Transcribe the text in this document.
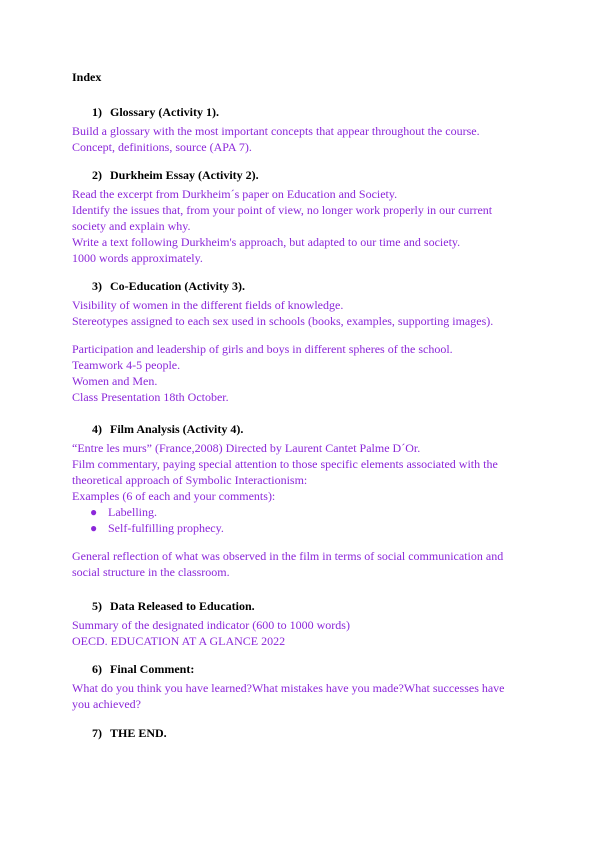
Index
1) Glossary (Activity 1).
Build a glossary with the most important concepts that appear throughout the course.
Concept, definitions, source (APA 7).
2) Durkheim Essay (Activity 2).
Read the excerpt from Durkheim´s paper on Education and Society.
Identify the issues that, from your point of view, no longer work properly in our current
society and explain why.
Write a text following Durkheim's approach, but adapted to our time and society.
1000 words approximately.
3) Co-Education (Activity 3).
Visibility of women in the different fields of knowledge.
Stereotypes assigned to each sex used in schools (books, examples, supporting images).
Participation and leadership of girls and boys in different spheres of the school.
Teamwork 4-5 people.
Women and Men.
Class Presentation 18th October.
4) Film Analysis (Activity 4).
“Entre les murs” (France,2008) Directed by Laurent Cantet Palme D´Or.
Film commentary, paying special attention to those specific elements associated with the
theoretical approach of Symbolic Interactionism:
Examples (6 of each and your comments):
● Labelling.
● Self-fulfilling prophecy.
General reflection of what was observed in the film in terms of social communication and
social structure in the classroom.
5) Data Released to Education.
Summary of the designated indicator (600 to 1000 words)
OECD. EDUCATION AT A GLANCE 2022
6) Final Comment:
What do you think you have learned?What mistakes have you made?What successes have
you achieved?
7) THE END.
